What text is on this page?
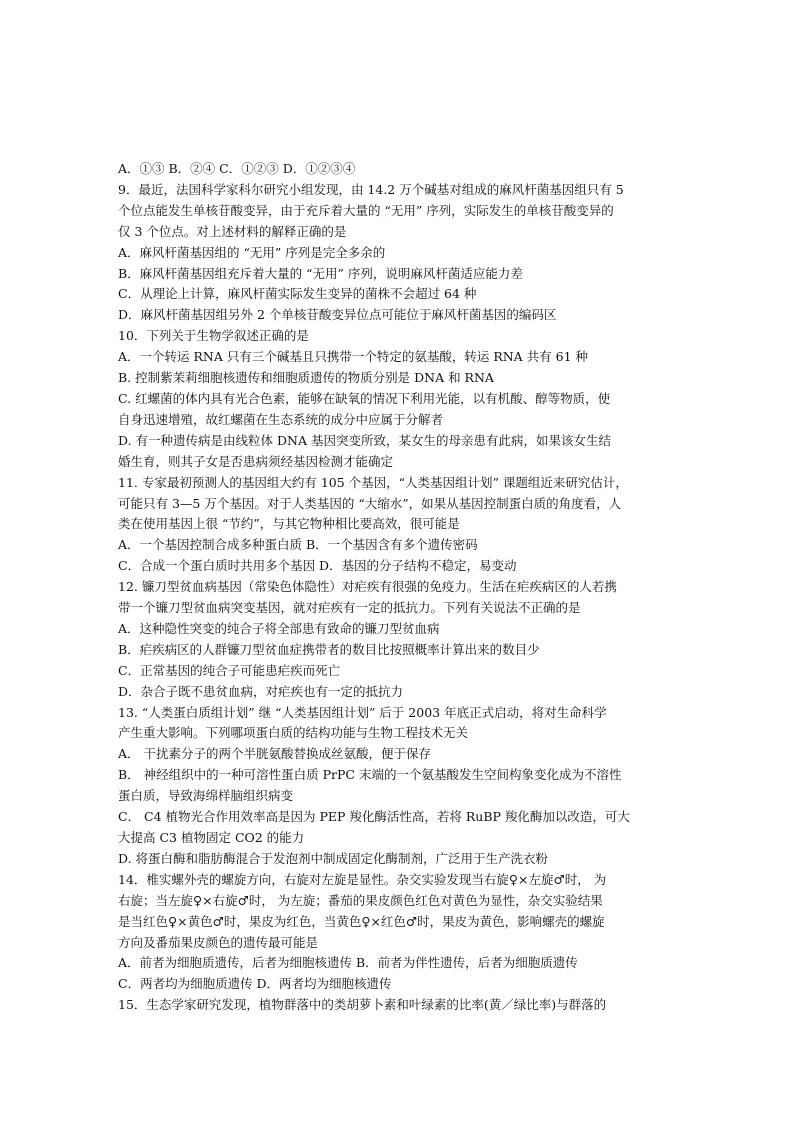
A．①③ B．②④ C．①②③ D．①②③④
9．最近，法国科学家科尔研究小组发现，由 14.2 万个碱基对组成的麻风杆菌基因组只有 5
个位点能发生单核苷酸变异，由于充斥着大量的 “无用” 序列，实际发生的单核苷酸变异的
仅 3 个位点。对上述材料的解释正确的是
A．麻风杆菌基因组的 “无用” 序列是完全多余的
B．麻风杆菌基因组充斥着大量的 “无用” 序列，说明麻风杆菌适应能力差
C．从理论上计算，麻风杆菌实际发生变异的菌株不会超过 64 种
D．麻风杆菌基因组另外 2 个单核苷酸变异位点可能位于麻风杆菌基因的编码区
10．下列关于生物学叙述正确的是
A．一个转运 RNA 只有三个碱基且只携带一个特定的氨基酸，转运 RNA 共有 61 种
B. 控制紫茉莉细胞核遗传和细胞质遗传的物质分别是 DNA 和 RNA
C. 红螺菌的体内具有光合色素，能够在缺氧的情况下利用光能，以有机酸、醇等物质，使
自身迅速增殖，故红螺菌在生态系统的成分中应属于分解者
D. 有一种遗传病是由线粒体 DNA 基因突变所致，某女生的母亲患有此病，如果该女生结
婚生育，则其子女是否患病须经基因检测才能确定
11. 专家最初预测人的基因组大约有 105 个基因，“人类基因组计划” 课题组近来研究估计，
可能只有 3—5 万个基因。对于人类基因的 “大缩水”，如果从基因控制蛋白质的角度看，人
类在使用基因上很 “节约”，与其它物种相比要高效，很可能是
A．一个基因控制合成多种蛋白质 B．一个基因含有多个遗传密码
C．合成一个蛋白质时共用多个基因 D．基因的分子结构不稳定，易变动
12. 镰刀型贫血病基因（常染色体隐性）对疟疾有很强的免疫力。生活在疟疾病区的人若携
带一个镰刀型贫血病突变基因，就对疟疾有一定的抵抗力。下列有关说法不正确的是
A．这种隐性突变的纯合子将全部患有致命的镰刀型贫血病
B．疟疾病区的人群镰刀型贫血症携带者的数目比按照概率计算出来的数目少
C．正常基因的纯合子可能患疟疾而死亡
D．杂合子既不患贫血病，对疟疾也有一定的抵抗力
13. “人类蛋白质组计划” 继 “人类基因组计划” 后于 2003 年底正式启动，将对生命科学
产生重大影响。下列哪项蛋白质的结构功能与生物工程技术无关
A． 干扰素分子的两个半胱氨酸替换成丝氨酸，便于保存
B． 神经组织中的一种可溶性蛋白质 PrPC 末端的一个氨基酸发生空间构象变化成为不溶性
蛋白质，导致海绵样脑组织病变
C． C4 植物光合作用效率高是因为 PEP 羧化酶活性高，若将 RuBP 羧化酶加以改造，可大
大提高 C3 植物固定 CO2 的能力
D. 将蛋白酶和脂肪酶混合于发泡剂中制成固定化酶制剂，广泛用于生产洗衣粉
14．椎实螺外壳的螺旋方向，右旋对左旋是显性。杂交实验发现当右旋♀×左旋♂时， 为
右旋；当左旋♀×右旋♂时， 为左旋；番茄的果皮颜色红色对黄色为显性，杂交实验结果
是当红色♀×黄色♂时，果皮为红色，当黄色♀×红色♂时，果皮为黄色，影响螺壳的螺旋
方向及番茄果皮颜色的遗传最可能是
A．前者为细胞质遗传，后者为细胞核遗传 B．前者为伴性遗传，后者为细胞质遗传
C．两者均为细胞质遗传 D．两者均为细胞核遗传
15．生态学家研究发现，植物群落中的类胡萝卜素和叶绿素的比率(黄／绿比率)与群落的
